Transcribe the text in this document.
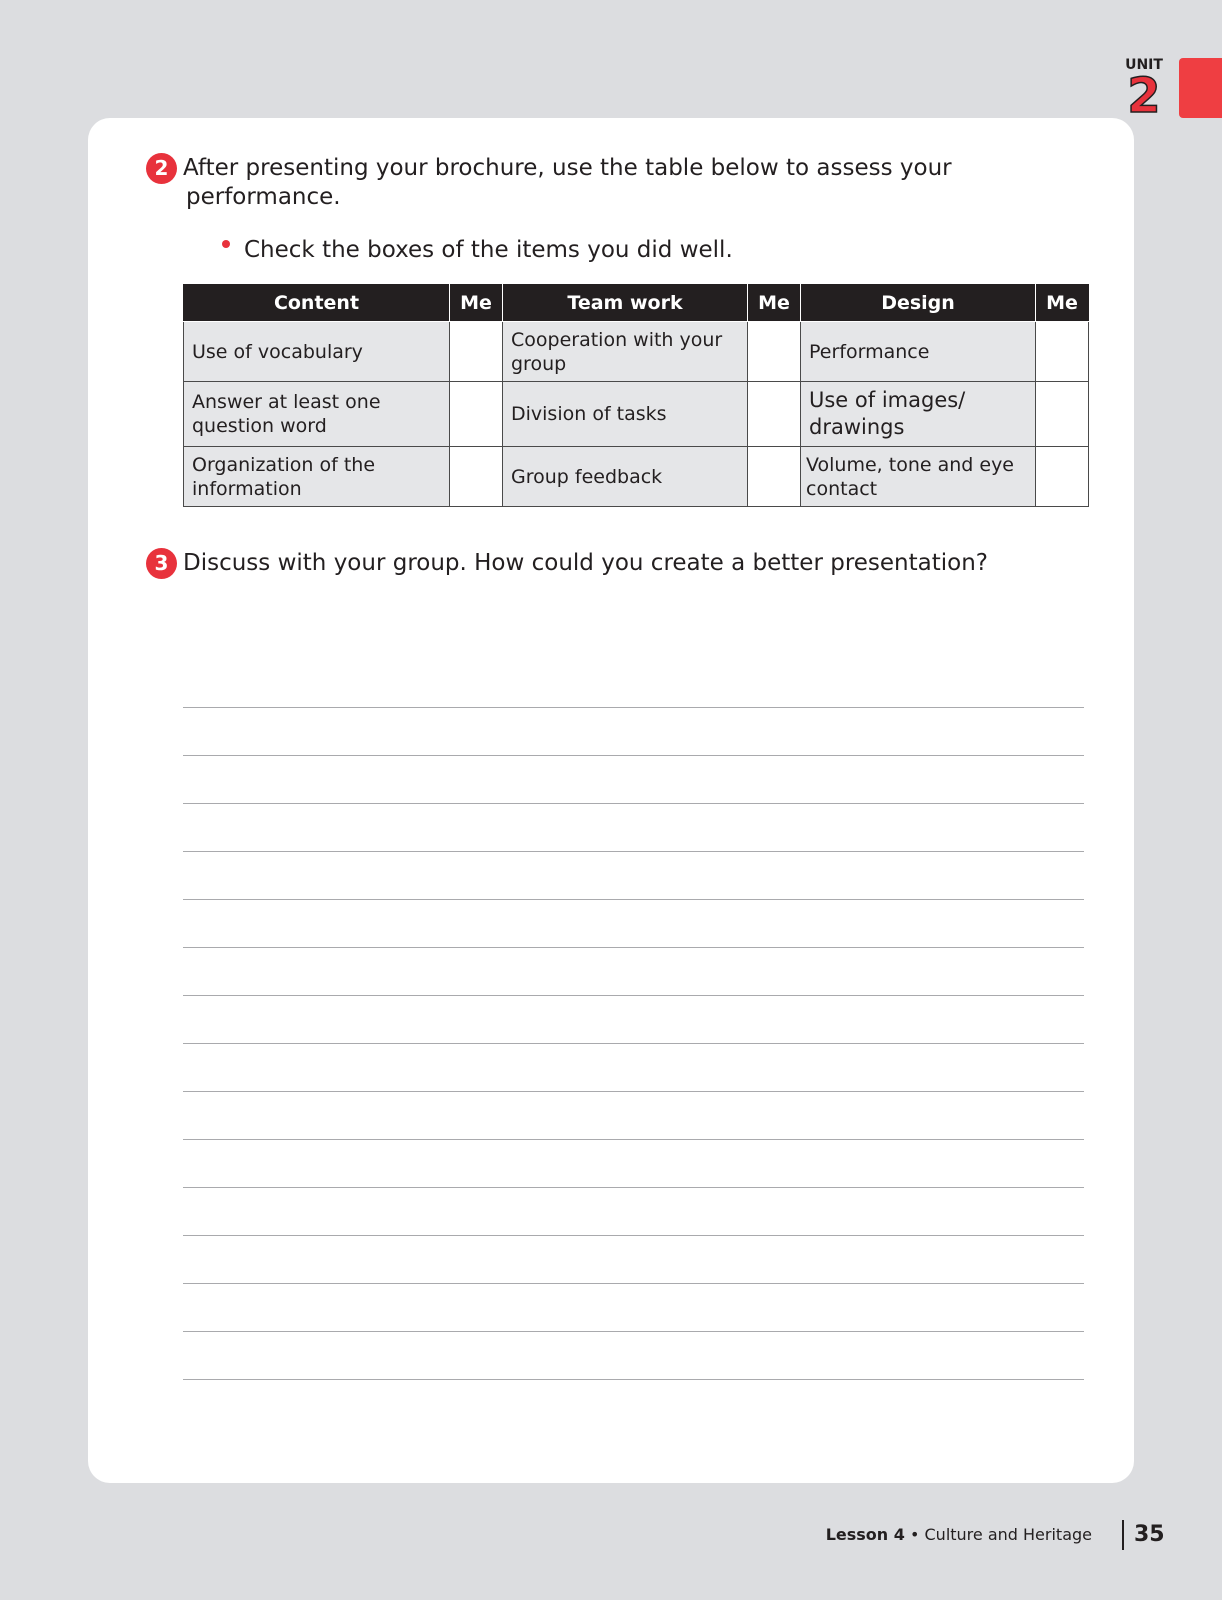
UNIT
2
2 After presenting your brochure, use the table below to assess your
performance.
Check the boxes of the items you did well.
Content	Me	Team work	Me	Design	Me
Use of vocabulary		Cooperation with your group		Performance	
Answer at least one question word		Division of tasks		Use of images/ drawings	
Organization of the information		Group feedback		Volume, tone and eye contact	
3 Discuss with your group. How could you create a better presentation?
Lesson 4 • Culture and Heritage 35
